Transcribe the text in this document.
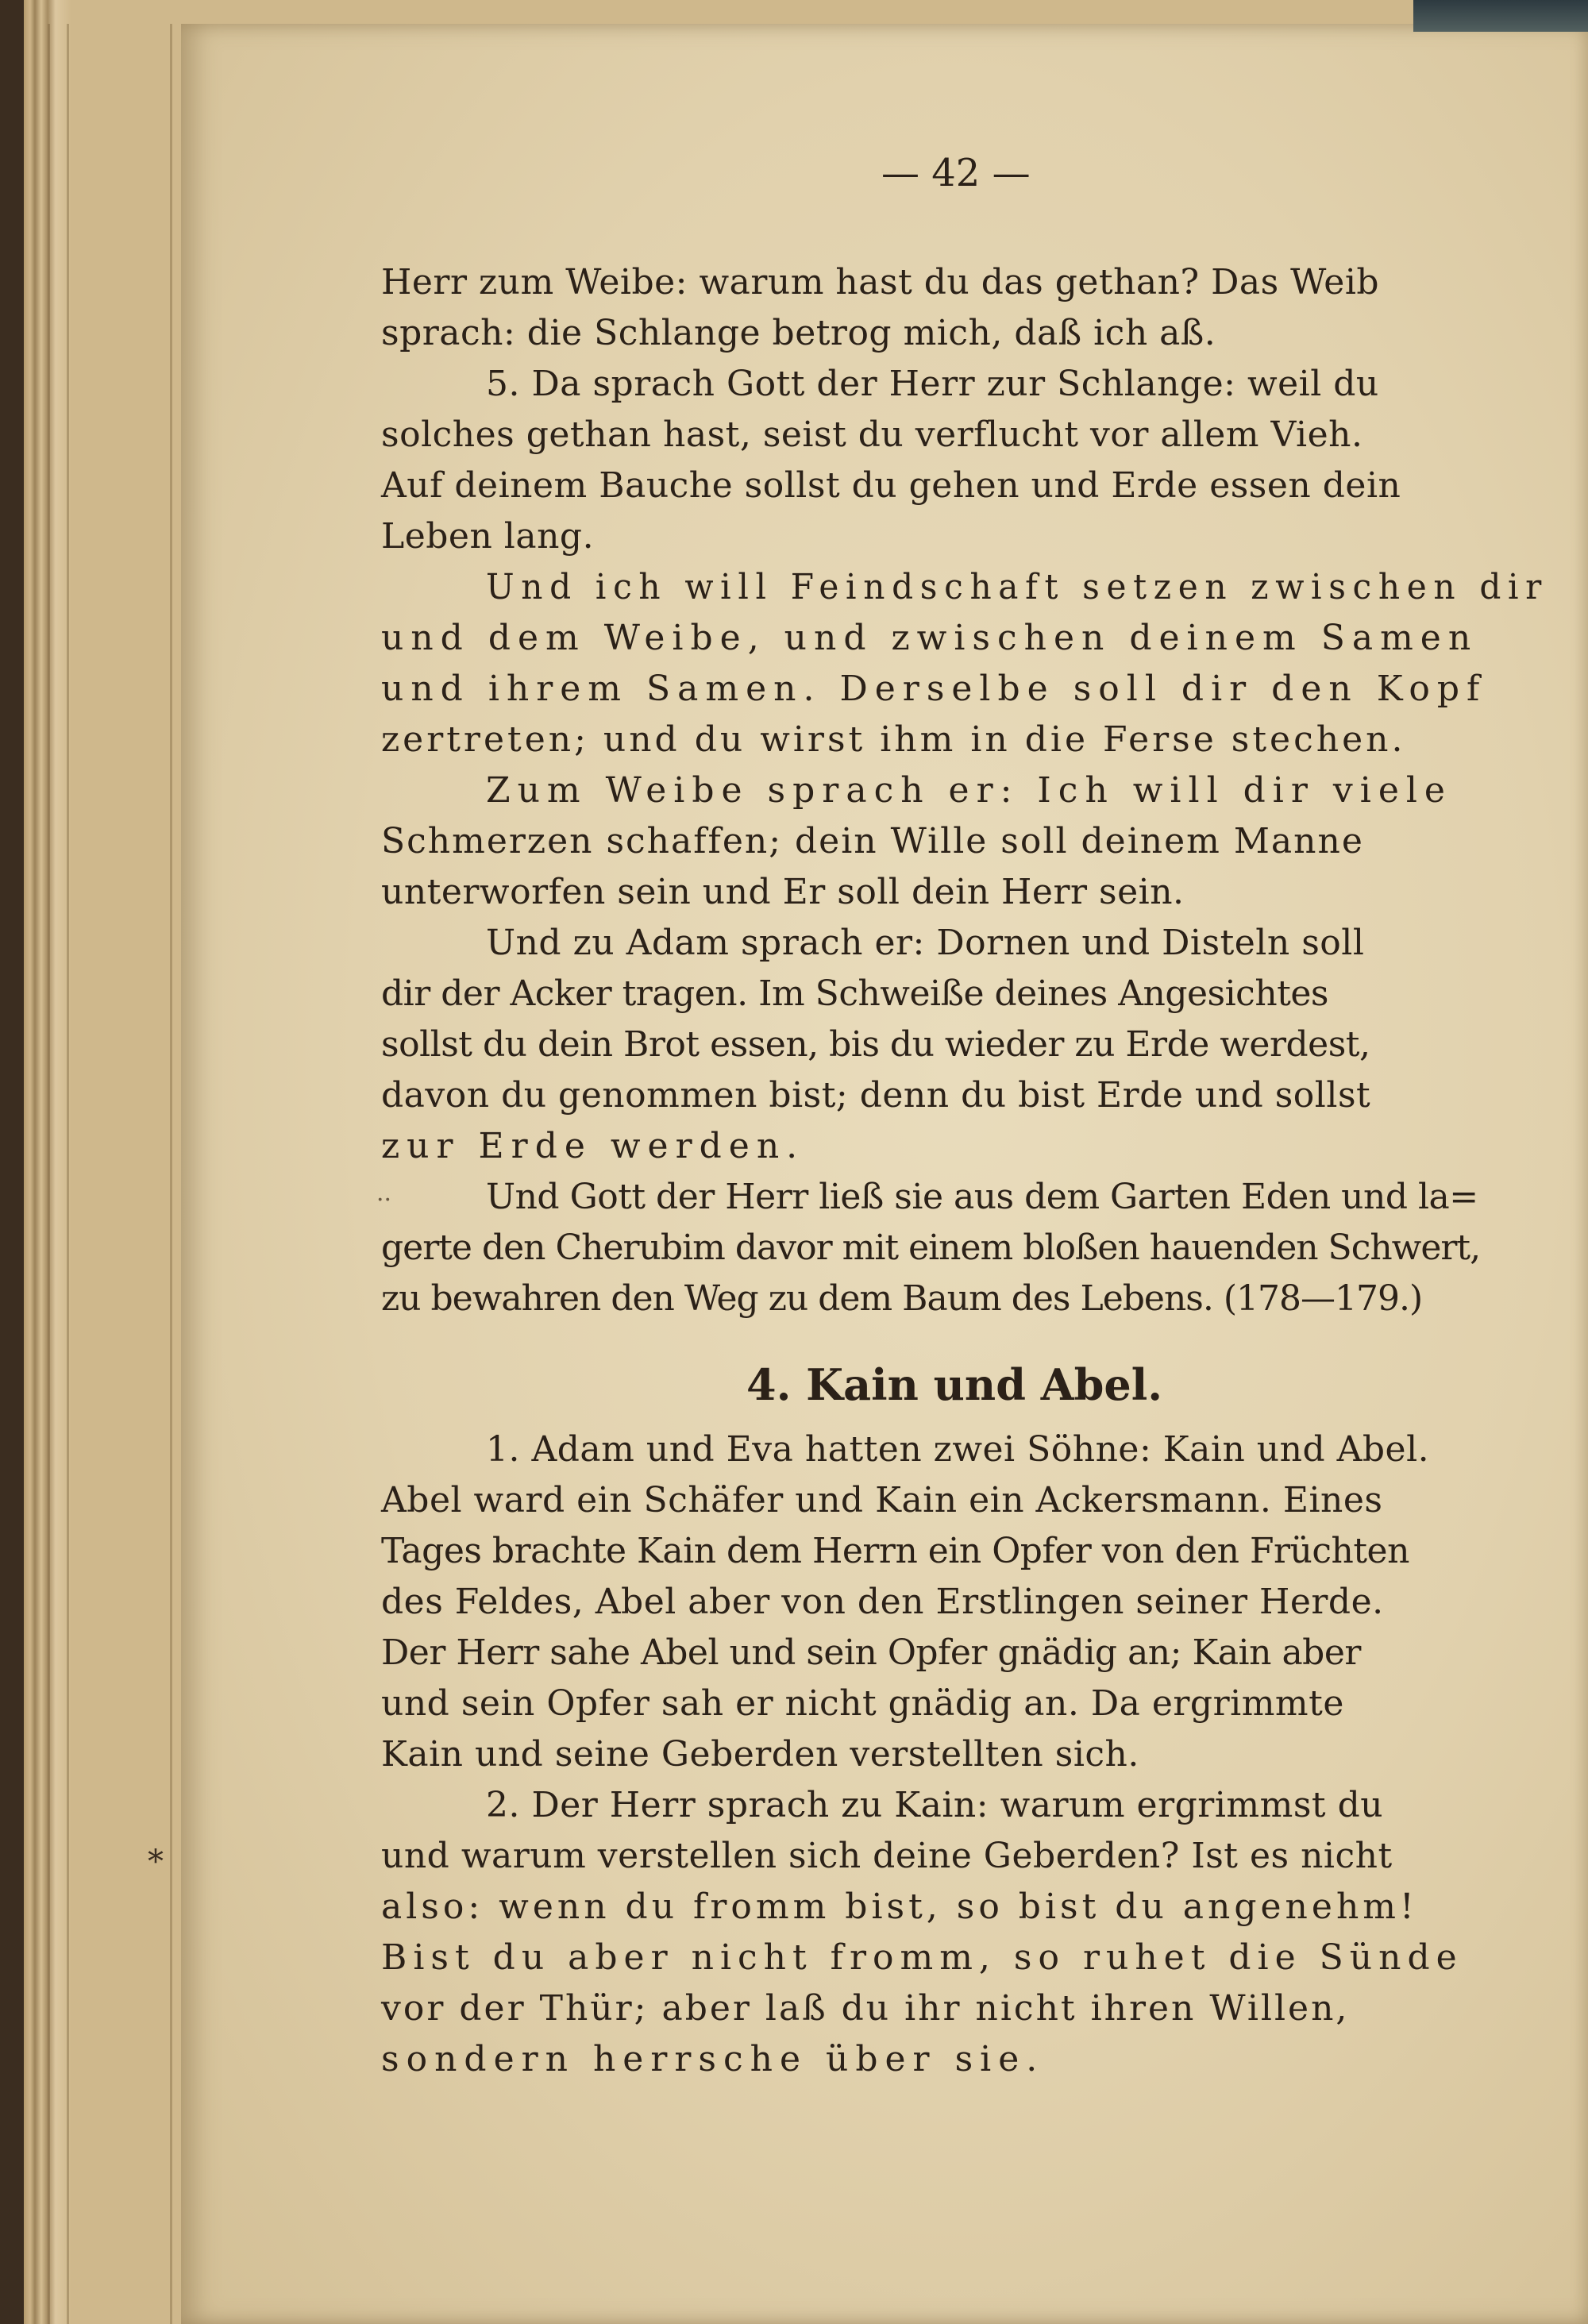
— 42 —
Herr zum Weibe: warum hast du das gethan? Das Weib
sprach: die Schlange betrog mich, daß ich aß.
5. Da sprach Gott der Herr zur Schlange: weil du
solches gethan hast, seist du verflucht vor allem Vieh.
Auf deinem Bauche sollst du gehen und Erde essen dein
Leben lang.
Und ich will Feindschaft setzen zwischen dir
und dem Weibe, und zwischen deinem Samen
und ihrem Samen. Derselbe soll dir den Kopf
zertreten; und du wirst ihm in die Ferse stechen.
Zum Weibe sprach er: Ich will dir viele
Schmerzen schaffen; dein Wille soll deinem Manne
unterworfen sein und Er soll dein Herr sein.
Und zu Adam sprach er: Dornen und Disteln soll
dir der Acker tragen. Im Schweiße deines Angesichtes
sollst du dein Brot essen, bis du wieder zu Erde werdest,
davon du genommen bist; denn du bist Erde und sollst
zur Erde werden.
··	Und Gott der Herr ließ sie aus dem Garten Eden und la=
gerte den Cherubim davor mit einem bloßen hauenden Schwert,
zu bewahren den Weg zu dem Baum des Lebens. (178—179.)
4. Kain und Abel.
1. Adam und Eva hatten zwei Söhne: Kain und Abel.
Abel ward ein Schäfer und Kain ein Ackersmann. Eines
Tages brachte Kain dem Herrn ein Opfer von den Früchten
des Feldes, Abel aber von den Erstlingen seiner Herde.
Der Herr sahe Abel und sein Opfer gnädig an; Kain aber
und sein Opfer sah er nicht gnädig an. Da ergrimmte
Kain und seine Geberden verstellten sich.
2. Der Herr sprach zu Kain: warum ergrimmst du
*	und warum verstellen sich deine Geberden? Ist es nicht
also: wenn du fromm bist, so bist du angenehm!
Bist du aber nicht fromm, so ruhet die Sünde
vor der Thür; aber laß du ihr nicht ihren Willen,
sondern herrsche über sie.
